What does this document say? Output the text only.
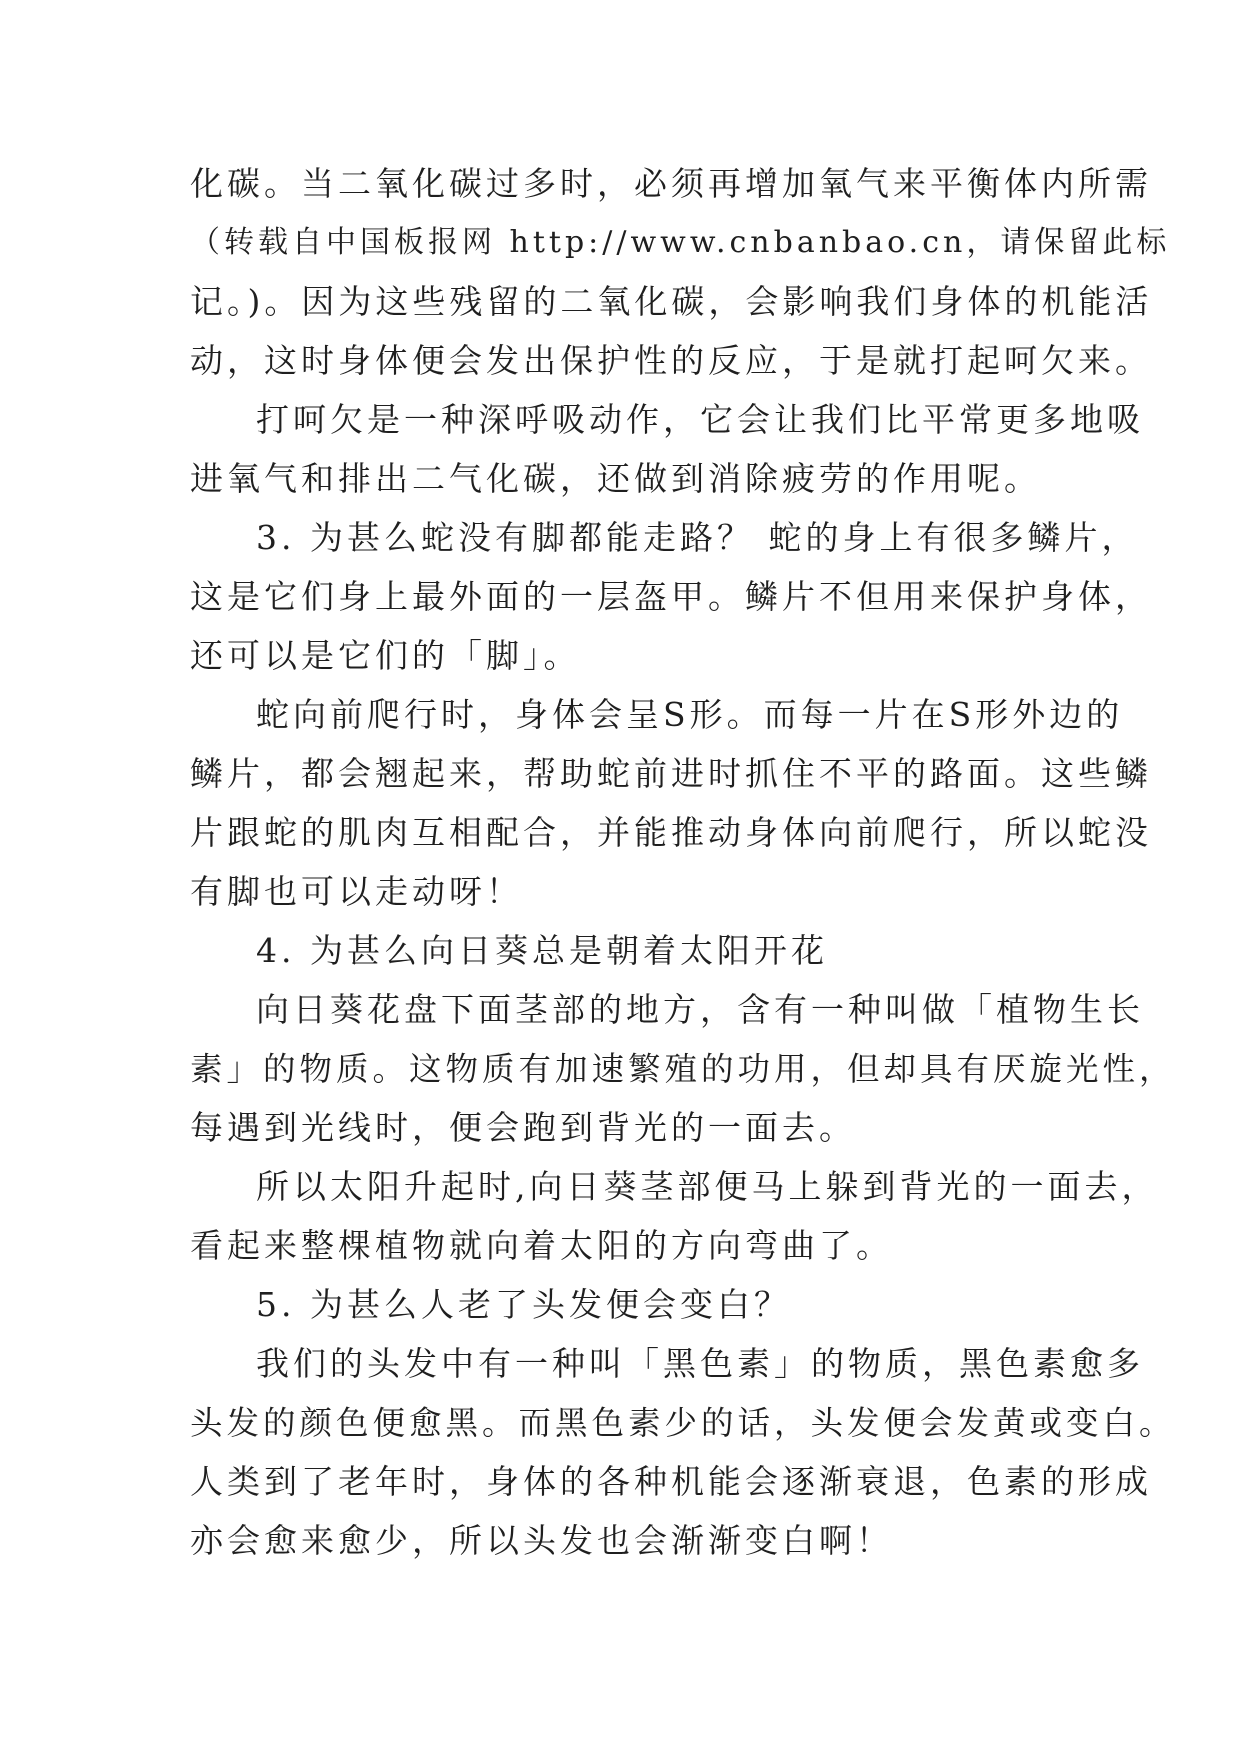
化碳。当二氧化碳过多时，必须再增加氧气来平衡体内所需

（转载自中国板报网 http://www.cnbanbao.cn，请保留此标

记。)。因为这些残留的二氧化碳，会影响我们身体的机能活

动，这时身体便会发出保护性的反应，于是就打起呵欠来。

打呵欠是一种深呼吸动作，它会让我们比平常更多地吸

进氧气和排出二气化碳，还做到消除疲劳的作用呢。

3. 为甚么蛇没有脚都能走路？ 蛇的身上有很多鳞片，

这是它们身上最外面的一层盔甲。鳞片不但用来保护身体，

还可以是它们的「脚」。

蛇向前爬行时，身体会呈S形。而每一片在S形外边的

鳞片，都会翘起来，帮助蛇前进时抓住不平的路面。这些鳞

片跟蛇的肌肉互相配合，并能推动身体向前爬行，所以蛇没

有脚也可以走动呀！

4. 为甚么向日葵总是朝着太阳开花

向日葵花盘下面茎部的地方，含有一种叫做「植物生长

素」的物质。这物质有加速繁殖的功用，但却具有厌旋光性，

每遇到光线时，便会跑到背光的一面去。

所以太阳升起时,向日葵茎部便马上躲到背光的一面去，

看起来整棵植物就向着太阳的方向弯曲了。

5. 为甚么人老了头发便会变白？

我们的头发中有一种叫「黑色素」的物质，黑色素愈多

头发的颜色便愈黑。而黑色素少的话，头发便会发黄或变白。

人类到了老年时，身体的各种机能会逐渐衰退，色素的形成

亦会愈来愈少，所以头发也会渐渐变白啊！
